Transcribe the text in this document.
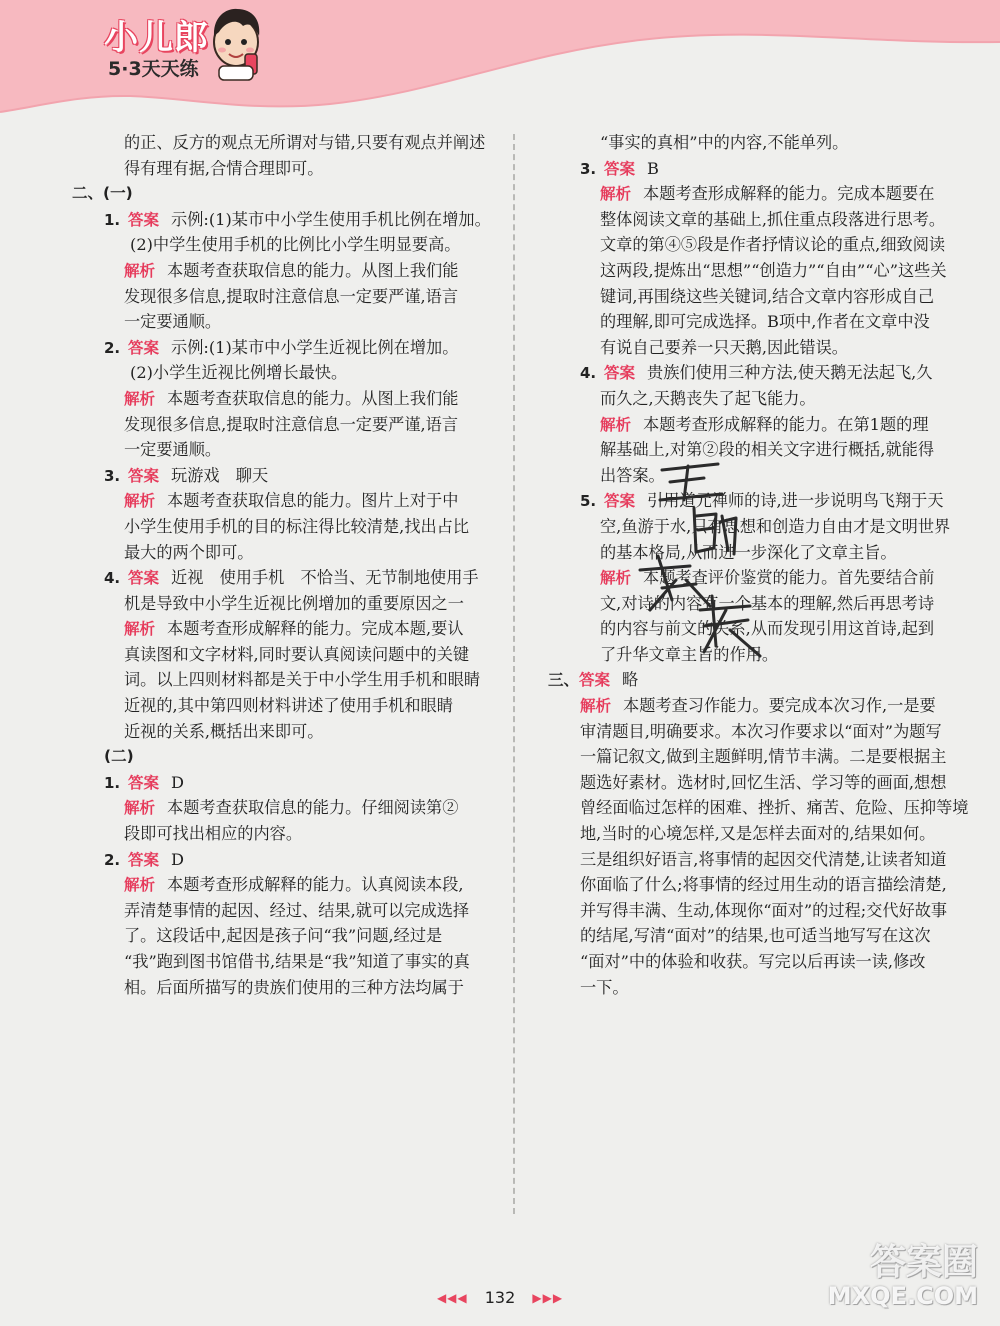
小儿郎
5·3天天练
的正、反方的观点无所谓对与错,只要有观点并阐述
得有理有据,合情合理即可。
二、(一)
1. 答案 示例:(1)某市中小学生使用手机比例在增加。
(2)中学生使用手机的比例比小学生明显要高。
解析 本题考查获取信息的能力。从图上我们能
发现很多信息,提取时注意信息一定要严谨,语言
一定要通顺。
2. 答案 示例:(1)某市中小学生近视比例在增加。
(2)小学生近视比例增长最快。
解析 本题考查获取信息的能力。从图上我们能
发现很多信息,提取时注意信息一定要严谨,语言
一定要通顺。
3. 答案 玩游戏　聊天
解析 本题考查获取信息的能力。图片上对于中
小学生使用手机的目的标注得比较清楚,找出占比
最大的两个即可。
4. 答案 近视　使用手机　不恰当、无节制地使用手
机是导致中小学生近视比例增加的重要原因之一
解析 本题考查形成解释的能力。完成本题,要认
真读图和文字材料,同时要认真阅读问题中的关键
词。以上四则材料都是关于中小学生用手机和眼睛
近视的,其中第四则材料讲述了使用手机和眼睛
近视的关系,概括出来即可。
(二)
1. 答案 D
解析 本题考查获取信息的能力。仔细阅读第②
段即可找出相应的内容。
2. 答案 D
解析 本题考查形成解释的能力。认真阅读本段,
弄清楚事情的起因、经过、结果,就可以完成选择
了。这段话中,起因是孩子问“我”问题,经过是
“我”跑到图书馆借书,结果是“我”知道了事实的真
相。后面所描写的贵族们使用的三种方法均属于
“事实的真相”中的内容,不能单列。
3. 答案 B
解析 本题考查形成解释的能力。完成本题要在
整体阅读文章的基础上,抓住重点段落进行思考。
文章的第④⑤段是作者抒情议论的重点,细致阅读
这两段,提炼出“思想”“创造力”“自由”“心”这些关
键词,再围绕这些关键词,结合文章内容形成自己
的理解,即可完成选择。B项中,作者在文章中没
有说自己要养一只天鹅,因此错误。
4. 答案 贵族们使用三种方法,使天鹅无法起飞,久
而久之,天鹅丧失了起飞能力。
解析 本题考查形成解释的能力。在第1题的理
解基础上,对第②段的相关文字进行概括,就能得
出答案。
5. 答案 引用道元禅师的诗,进一步说明鸟飞翔于天
空,鱼游于水,只有思想和创造力自由才是文明世界
的基本格局,从而进一步深化了文章主旨。
解析 本题考查评价鉴赏的能力。首先要结合前
文,对诗的内容有一个基本的理解,然后再思考诗
的内容与前文的关系,从而发现引用这首诗,起到
了升华文章主旨的作用。
三、答案 略
解析 本题考查习作能力。要完成本次习作,一是要
审清题目,明确要求。本次习作要求以“面对”为题写
一篇记叙文,做到主题鲜明,情节丰满。二是要根据主
题选好素材。选材时,回忆生活、学习等的画面,想想
曾经面临过怎样的困难、挫折、痛苦、危险、压抑等境
地,当时的心境怎样,又是怎样去面对的,结果如何。
三是组织好语言,将事情的起因交代清楚,让读者知道
你面临了什么;将事情的经过用生动的语言描绘清楚,
并写得丰满、生动,体现你“面对”的过程;交代好故事
的结尾,写清“面对”的结果,也可适当地写写在这次
“面对”中的体验和收获。写完以后再读一读,修改
一下。
◀◀◀ 132 ▶▶▶
答案圈
MXQE.COM
